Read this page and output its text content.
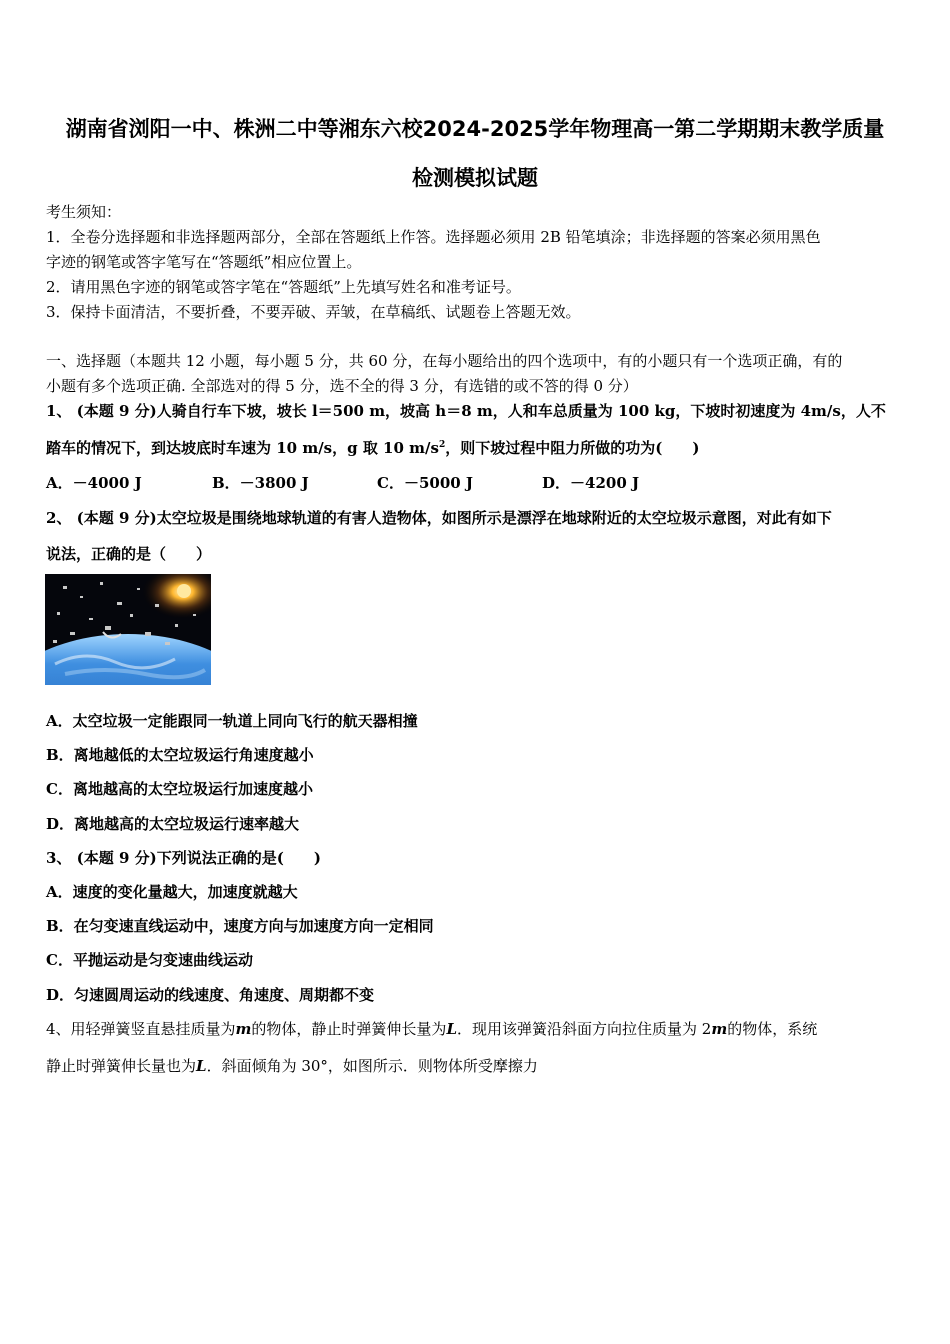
湖南省浏阳一中、株洲二中等湘东六校2024-2025学年物理高一第二学期期末教学质量
检测模拟试题
考生须知：
1．全卷分选择题和非选择题两部分，全部在答题纸上作答。选择题必须用 2B 铅笔填涂；非选择题的答案必须用黑色
字迹的钢笔或答字笔写在“答题纸”相应位置上。
2．请用黑色字迹的钢笔或答字笔在“答题纸”上先填写姓名和准考证号。
3．保持卡面清洁，不要折叠，不要弄破、弄皱，在草稿纸、试题卷上答题无效。
一、选择题（本题共 12 小题，每小题 5 分，共 60 分，在每小题给出的四个选项中，有的小题只有一个选项正确，有的
小题有多个选项正确. 全部选对的得 5 分，选不全的得 3 分，有选错的或不答的得 0 分）
1、 (本题 9 分)人骑自行车下坡，坡长 l＝500 m，坡高 h＝8 m，人和车总质量为 100 kg，下坡时初速度为 4m/s，人不
踏车的情况下，到达坡底时车速为 10 m/s，g 取 10 $m/s^2$，则下坡过程中阻力所做的功为(　　)
A．－4000 J	B．－3800 J	C．－5000 J	D．－4200 J
2、 (本题 9 分)太空垃圾是围绕地球轨道的有害人造物体，如图所示是漂浮在地球附近的太空垃圾示意图，对此有如下
说法，正确的是（　　）
A．太空垃圾一定能跟同一轨道上同向飞行的航天器相撞
B．离地越低的太空垃圾运行角速度越小
C．离地越高的太空垃圾运行加速度越小
D．离地越高的太空垃圾运行速率越大
3、 (本题 9 分)下列说法正确的是(　　)
A．速度的变化量越大，加速度就越大
B．在匀变速直线运动中，速度方向与加速度方向一定相同
C．平抛运动是匀变速曲线运动
D．匀速圆周运动的线速度、角速度、周期都不变
4、用轻弹簧竖直悬挂质量为m的物体，静止时弹簧伸长量为L．现用该弹簧沿斜面方向拉住质量为 2m的物体，系统
静止时弹簧伸长量也为L．斜面倾角为 30°，如图所示．则物体所受摩擦力
